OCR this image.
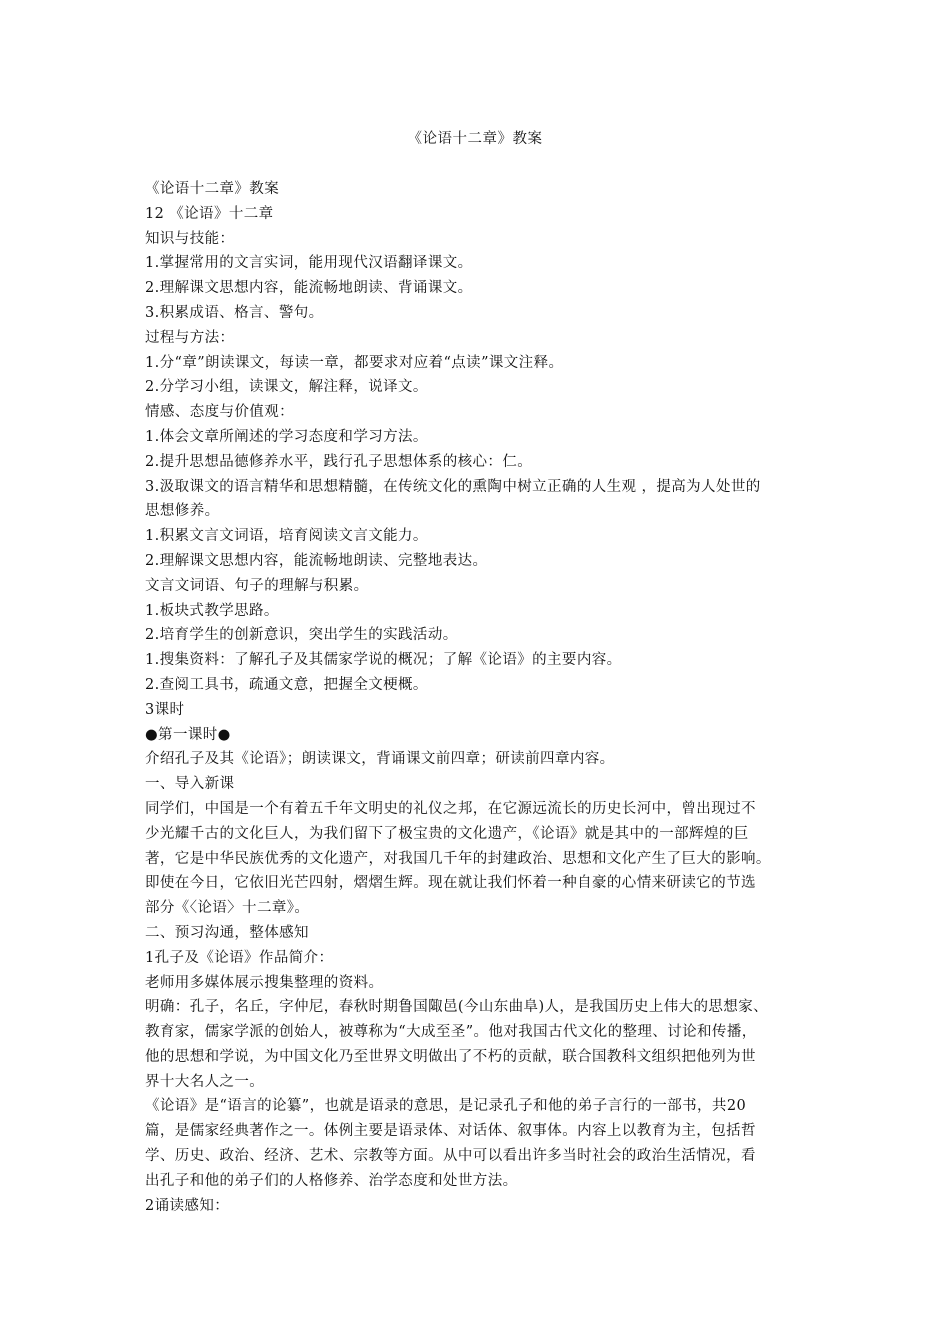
《论语十二章》教案
《论语十二章》教案
12 《论语》十二章
知识与技能：
1.掌握常用的文言实词，能用现代汉语翻译课文。
2.理解课文思想内容，能流畅地朗读、背诵课文。
3.积累成语、格言、警句。
过程与方法：
1.分“章”朗读课文，每读一章，都要求对应着“点读”课文注释。
2.分学习小组，读课文，解注释，说译文。
情感、态度与价值观：
1.体会文章所阐述的学习态度和学习方法。
2.提升思想品德修养水平，践行孔子思想体系的核心：仁。
3.汲取课文的语言精华和思想精髓，在传统文化的熏陶中树立正确的人生观 ，提高为人处世的
思想修养。
1.积累文言文词语，培育阅读文言文能力。
2.理解课文思想内容，能流畅地朗读、完整地表达。
文言文词语、句子的理解与积累。
1.板块式教学思路。
2.培育学生的创新意识，突出学生的实践活动。
1.搜集资料：了解孔子及其儒家学说的概况；了解《论语》的主要内容。
2.查阅工具书，疏通文意，把握全文梗概。
3课时
●第一课时●
介绍孔子及其《论语》；朗读课文，背诵课文前四章；研读前四章内容。
一、导入新课
同学们，中国是一个有着五千年文明史的礼仪之邦，在它源远流长的历史长河中，曾出现过不
少光耀千古的文化巨人，为我们留下了极宝贵的文化遗产，《论语》就是其中的一部辉煌的巨
著，它是中华民族优秀的文化遗产，对我国几千年的封建政治、思想和文化产生了巨大的影响。
即使在今日，它依旧光芒四射，熠熠生辉。现在就让我们怀着一种自豪的心情来研读它的节选
部分《〈论语〉十二章》。
二、预习沟通，整体感知
1孔子及《论语》作品简介：
老师用多媒体展示搜集整理的资料。
明确：孔子，名丘，字仲尼，春秋时期鲁国陬邑(今山东曲阜)人，是我国历史上伟大的思想家、
教育家，儒家学派的创始人，被尊称为“大成至圣”。他对我国古代文化的整理、讨论和传播，
他的思想和学说，为中国文化乃至世界文明做出了不朽的贡献，联合国教科文组织把他列为世
界十大名人之一。
《论语》是“语言的论纂”，也就是语录的意思，是记录孔子和他的弟子言行的一部书，共20
篇，是儒家经典著作之一。体例主要是语录体、对话体、叙事体。内容上以教育为主，包括哲
学、历史、政治、经济、艺术、宗教等方面。从中可以看出许多当时社会的政治生活情况，看
出孔子和他的弟子们的人格修养、治学态度和处世方法。
2诵读感知：
